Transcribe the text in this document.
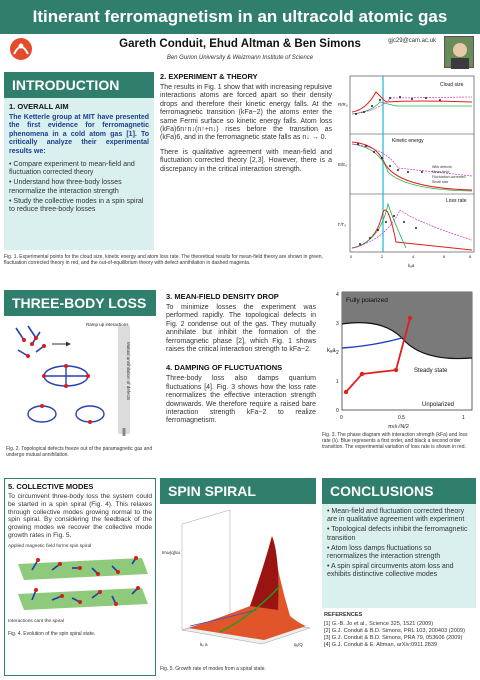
Itinerant ferromagnetism in an ultracold atomic gas
Gareth Conduit, Ehud Altman & Ben Simons
Ben Gurion University & Weizmann Institute of Science
gjc29@cam.ac.uk
INTRODUCTION
1. OVERALL AIM
The Ketterle group at MIT have presented the first evidence for ferromagnetic phenomena in a cold atom gas [1]. To critically analyze their experimental results we:
• Compare experiment to mean-field and fluctuation corrected theory
• Understand how three-body losses renormalize the interaction strength
• Study the collective modes in a spin spiral to reduce three-body losses
Fig. 1. Experimental points for the cloud size, kinetic energy and atom loss rate. The theoretical results for mean-field theory are shown in green, fluctuation corrected theory in red, and the out-of-equilibrium theory with defect annihilation in dashed magenta.
2. EXPERIMENT & THEORY
The results in Fig. 1 show that with increasing repulsive interactions atoms are forced apart so their density drops and therefore their kinetic energy falls. At the ferromagnetic transition (kFa~2) the atoms enter the same Fermi surface so kinetic energy falls. Atom loss (kFa)6n↑n↓(n↑+n↓) rises before the transition as (kFa)6, and in the ferromagnetic state falls as n↓ → 0.
There is qualitative agreement with mean-field and fluctuation corrected theory [2,3]. However, there is a discrepancy in the critical interaction strength.
Cloud size
Kinetic energy
Loss rate
With defects
Mean-field
Fluctuation corrected
Small size
R/R₀
E/E₀
Γ/Γ₀
0	2	4	6	8
kₐa
THREE-BODY LOSS
Ramp up interactions
Mutual annihilation of defects
Fig. 2. Topological defects freeze out of the paramagnetic gas and undergo mutual annihilation.
3. MEAN-FIELD DENSITY DROP
To minimize losses the experiment was performed rapidly. The topological defects in Fig. 2 condense out of the gas. They mutually annihilate but inhibit the formation of the ferromagnetic phase [2], which Fig. 1 shows raises the critical interaction strength to kFa~2.
4. DAMPING OF FLUCTUATIONS
Three-body loss also damps quantum fluctuations [4]. Fig. 3 shows how the loss rate renormalizes the effective interaction strength downwards. We therefore require a raised bare interaction strength kFa~2 to realize ferromagnetism.
Fully polarized
Steady state
Unpolarized
kₐa
0
1
2
3
4
0	0.5	1
πνλ√N/2
Fig. 3. The phase diagram with interaction strength (kFa) and loss rate (λ). Blue represents a first order, and black a second order transition. The experimental variation of loss rate is shown in red.
5. COLLECTIVE MODES
To circumvent three-body loss the system could be started in a spin spiral (Fig. 4). This relaxes through collective modes growing normal to the spin spiral. By considering the feedback of the growing modes we recover the collective mode growth rates in Fig. 5.
Applied magnetic field forms spin spiral
Interactions cant the spiral
Fig. 4. Evolution of the spin spiral state.
SPIN SPIRAL
Imω(q)/εᴀ
qᵧ/Q
kᵧ a
Fig. 5. Growth rate of modes from a spiral state.
CONCLUSIONS
• Mean-field and fluctuation corrected theory are in qualitative agreement with experiment
• Topological defects inhibit the ferromagnetic transition
• Atom loss damps fluctuations so renormalizes the interaction strength
• A spin spiral circumvents atom loss and exhibits distinctive collective modes
REFERENCES
[1] G.-B. Jo et al., Science 325, 1521 (2009)
[2] G.J. Conduit & B.D. Simons, PRL 103, 200403 (2009)
[3] G.J. Conduit & B.D. Simons, PRA 79, 053606 (2009)
[4] G.J. Conduit & E. Altman, arXiv:0911.2839
